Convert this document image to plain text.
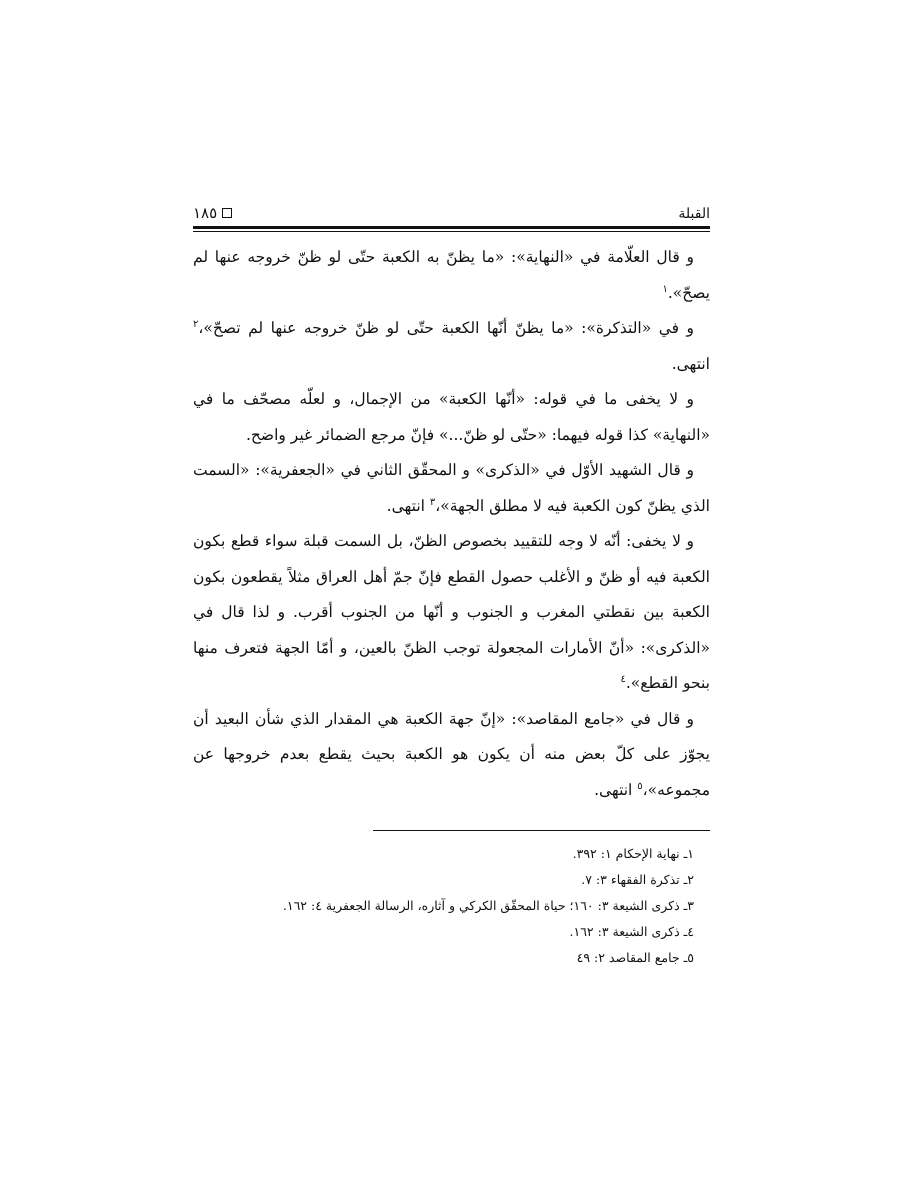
القبلة
١٨٥

و قال العلّامة في «النهاية»: «ما يظنّ به الكعبة حتّى لو ظنّ خروجه عنها لم يصحّ».$^١$

و في «التذكرة»: «ما يظنّ أنّها الكعبة حتّى لو ظنّ خروجه عنها لم تصحّ»،$^٢$ انتهى.

و لا يخفى ما في قوله: «أنّها الكعبة» من الإجمال، و لعلّه مصحّف ما في «النهاية» كذا قوله فيهما: «حتّى لو ظنّ...» فإنّ مرجع الضمائر غير واضح.

و قال الشهيد الأوّل في «الذكرى» و المحقّق الثاني في «الجعفرية»: «السمت الذي يظنّ كون الكعبة فيه لا مطلق الجهة»،$^٣$ انتهى.

و لا يخفى: أنّه لا وجه للتقييد بخصوص الظنّ، بل السمت قبلة سواء قطع بكون الكعبة فيه أو ظنّ و الأغلب حصول القطع فإنّ جمّ أهل العراق مثلاً يقطعون بكون الكعبة بين نقطتي المغرب و الجنوب و أنّها من الجنوب أقرب. و لذا قال في «الذكرى»: «أنّ الأمارات المجعولة توجب الظنّ بالعين، و أمّا الجهة فتعرف منها بنحو القطع».$^٤$

و قال في «جامع المقاصد»: «إنّ جهة الكعبة هي المقدار الذي شأن البعيد أن يجوّز على كلّ بعض منه أن يكون هو الكعبة بحيث يقطع بعدم خروجها عن مجموعه»،$^٥$ انتهى.

١ـ نهاية الإحكام ١: ٣٩٢.

٢ـ تذكرة الفقهاء ٣: ٧.

٣ـ ذكرى الشيعة ٣: ١٦٠؛ حياة المحقّق الكركي و آثاره، الرسالة الجعفرية ٤: ١٦٢.

٤ـ ذكرى الشيعة ٣: ١٦٢.

٥ـ جامع المقاصد ٢: ٤٩
